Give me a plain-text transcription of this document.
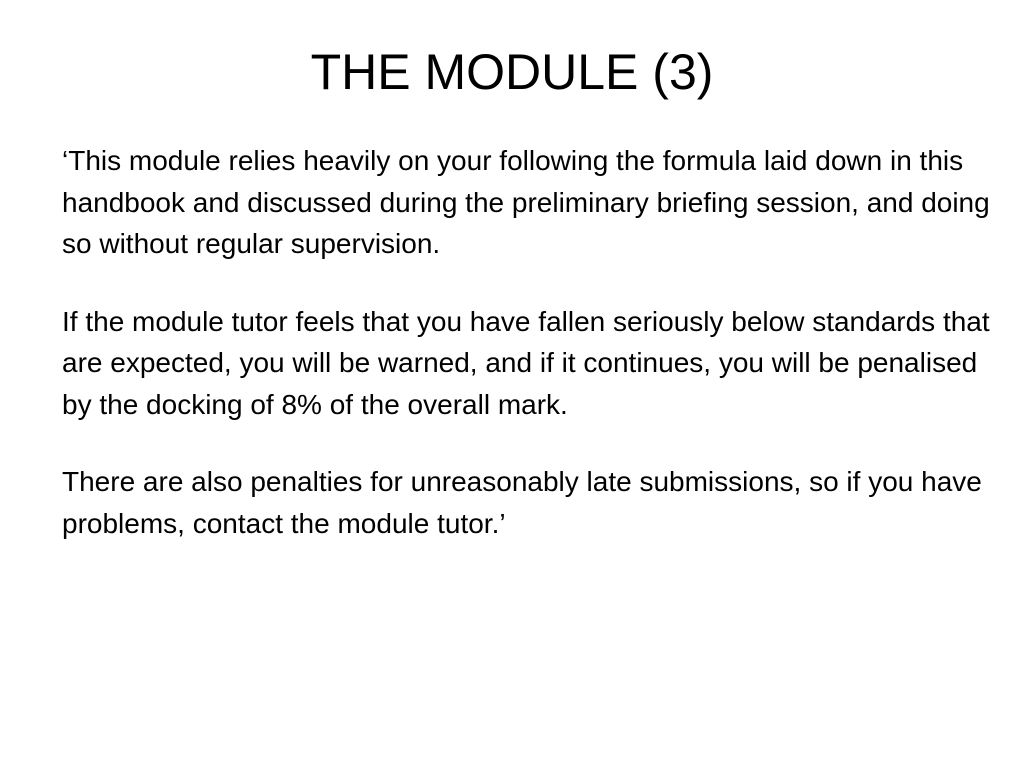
THE MODULE (3)

‘This module relies heavily on your following the formula laid down in this handbook and discussed during the preliminary briefing session, and doing so without regular supervision.

If the module tutor feels that you have fallen seriously below standards that are expected, you will be warned, and if it continues, you will be penalised by the docking of 8% of the overall mark.

There are also penalties for unreasonably late submissions, so if you have problems, contact the module tutor.’
